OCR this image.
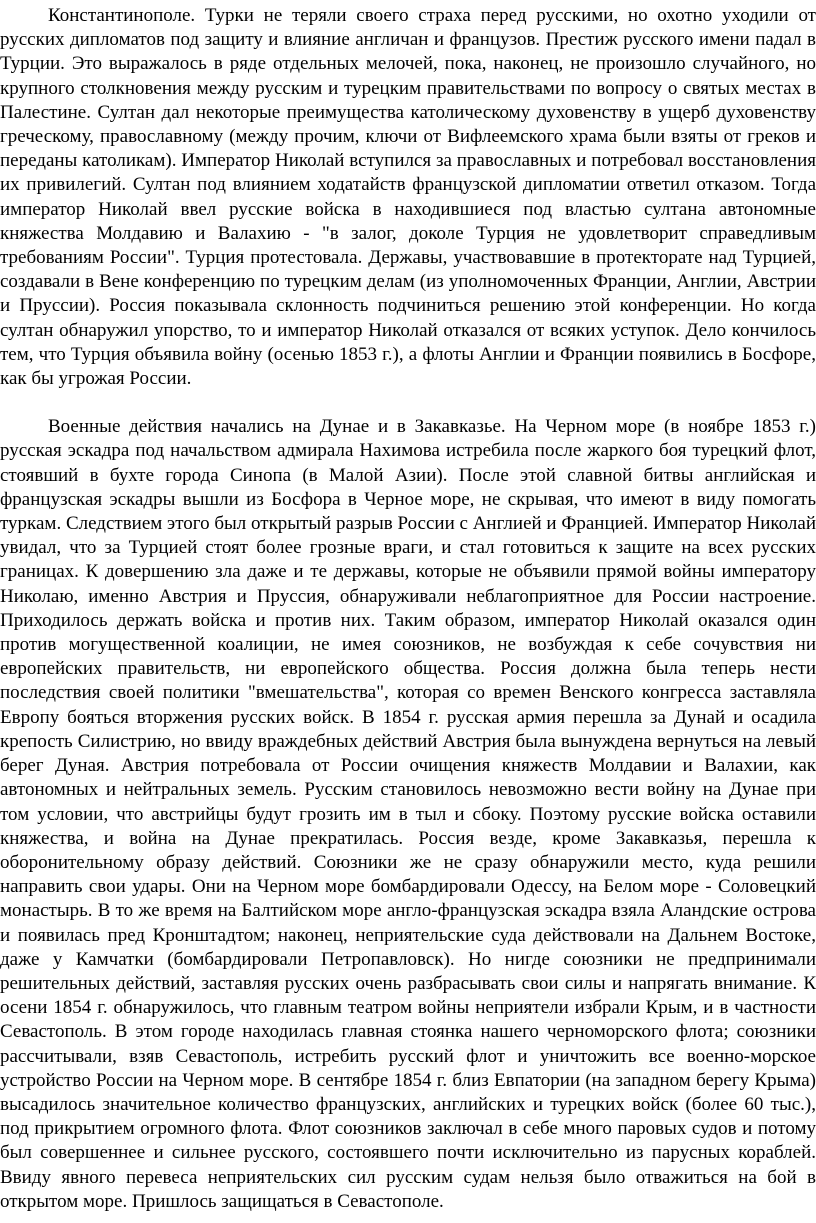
Константинополе. Турки не теряли своего страха перед русскими, но охотно уходили от русских дипломатов под защиту и влияние англичан и французов. Престиж русского имени падал в Турции. Это выражалось в ряде отдельных мелочей, пока, наконец, не произошло случайного, но крупного столкновения между русским и турецким правительствами по вопросу о святых местах в Палестине. Султан дал некоторые преимущества католическому духовенству в ущерб духовенству греческому, православному (между прочим, ключи от Вифлеемского храма были взяты от греков и переданы католикам). Император Николай вступился за православных и потребовал восстановления их привилегий. Султан под влиянием ходатайств французской дипломатии ответил отказом. Тогда император Николай ввел русские войска в находившиеся под властью султана автономные княжества Молдавию и Валахию - "в залог, доколе Турция не удовлетворит справедливым требованиям России". Турция протестовала. Державы, участвовавшие в протекторате над Турцией, создавали в Вене конференцию по турецким делам (из уполномоченных Франции, Англии, Австрии и Пруссии). Россия показывала склонность подчиниться решению этой конференции. Но когда султан обнаружил упорство, то и император Николай отказался от всяких уступок. Дело кончилось тем, что Турция объявила войну (осенью 1853 г.), а флоты Англии и Франции появились в Босфоре, как бы угрожая России.

Военные действия начались на Дунае и в Закавказье. На Черном море (в ноябре 1853 г.) русская эскадра под начальством адмирала Нахимова истребила после жаркого боя турецкий флот, стоявший в бухте города Синопа (в Малой Азии). После этой славной битвы английская и французская эскадры вышли из Босфора в Черное море, не скрывая, что имеют в виду помогать туркам. Следствием этого был открытый разрыв России с Англией и Францией. Император Николай увидал, что за Турцией стоят более грозные враги, и стал готовиться к защите на всех русских границах. К довершению зла даже и те державы, которые не объявили прямой войны императору Николаю, именно Австрия и Пруссия, обнаруживали неблагоприятное для России настроение. Приходилось держать войска и против них. Таким образом, император Николай оказался один против могущественной коалиции, не имея союзников, не возбуждая к себе сочувствия ни европейских правительств, ни европейского общества. Россия должна была теперь нести последствия своей политики "вмешательства", которая со времен Венского конгресса заставляла Европу бояться вторжения русских войск. В 1854 г. русская армия перешла за Дунай и осадила крепость Силистрию, но ввиду враждебных действий Австрия была вынуждена вернуться на левый берег Дуная. Австрия потребовала от России очищения княжеств Молдавии и Валахии, как автономных и нейтральных земель. Русским становилось невозможно вести войну на Дунае при том условии, что австрийцы будут грозить им в тыл и сбоку. Поэтому русские войска оставили княжества, и война на Дунае прекратилась. Россия везде, кроме Закавказья, перешла к оборонительному образу действий. Союзники же не сразу обнаружили место, куда решили направить свои удары. Они на Черном море бомбардировали Одессу, на Белом море - Соловецкий монастырь. В то же время на Балтийском море англо-французская эскадра взяла Аландские острова и появилась пред Кронштадтом; наконец, неприятельские суда действовали на Дальнем Востоке, даже у Камчатки (бомбардировали Петропавловск). Но нигде союзники не предпринимали решительных действий, заставляя русских очень разбрасывать свои силы и напрягать внимание. К осени 1854 г. обнаружилось, что главным театром войны неприятели избрали Крым, и в частности Севастополь. В этом городе находилась главная стоянка нашего черноморского флота; союзники рассчитывали, взяв Севастополь, истребить русский флот и уничтожить все военно-морское устройство России на Черном море. В сентябре 1854 г. близ Евпатории (на западном берегу Крыма) высадилось значительное количество французских, английских и турецких войск (более 60 тыс.), под прикрытием огромного флота. Флот союзников заключал в себе много паровых судов и потому был совершеннее и сильнее русского, состоявшего почти исключительно из парусных кораблей. Ввиду явного перевеса неприятельских сил русским судам нельзя было отважиться на бой в открытом море. Пришлось защищаться в Севастополе.
